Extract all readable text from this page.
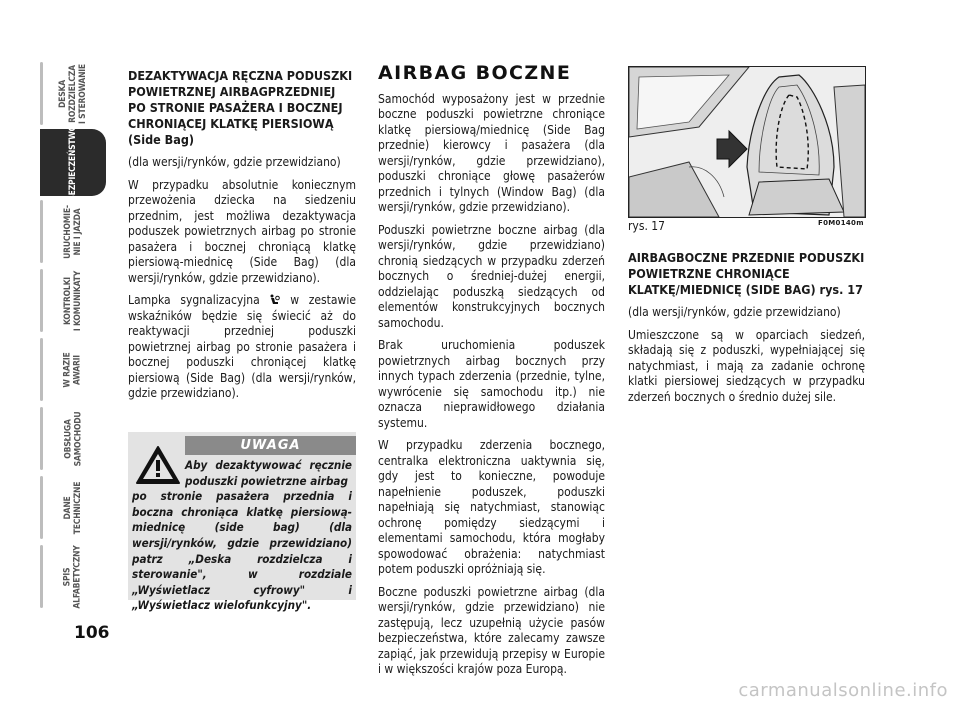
DESKA
ROZDZIELCZA
I STEROWANIE
BEZPIECZEŃSTWO
URUCHOMIE-
NIE I JAZDA
KONTROLKI
I KOMUNIKATY
W RAZIE
AWARII
OBSŁUGA
SAMOCHODU
DANE
TECHNICZNE
SPIS
ALFABETYCZNY
106

DEZAKTYWACJA RĘCZNA PODUSZKI POWIETRZNEJ AIRBAGPRZEDNIEJ PO STRONIE PASAŻERA I BOCZNEJ CHRONIĄCEJ KLATKĘ PIERSIOWĄ (Side Bag)

(dla wersji/rynków, gdzie przewidziano)

W przypadku absolutnie koniecznym przewożenia dziecka na siedzeniu przednim, jest możliwa dezaktywacja poduszek powietrznych airbag po stronie pasażera i bocznej chroniącą klatkę piersiową-miednicę (Side Bag) (dla wersji/rynków, gdzie przewidziano).

Lampka sygnalizacyjna  w zestawie wskaźników będzie się świecić aż do reaktywacji przedniej poduszki powietrznej airbag po stronie pasażera i bocznej poduszki chroniącej klatkę piersiową (Side Bag) (dla wersji/rynków, gdzie przewidziano).

UWAGA
Aby dezaktywować ręcznie poduszki powietrzne airbag
po stronie pasażera przednia i boczna chroniąca klatkę piersiową-miednicę (side bag) (dla wersji/rynków, gdzie przewidziano) patrz „Deska rozdzielcza i sterowanie", w rozdziale „Wyświetlacz cyfrowy" i „Wyświetlacz wielofunkcyjny".
AIRBAG BOCZNE

Samochód wyposażony jest w przednie boczne poduszki powietrzne chroniące klatkę piersiową/miednicę (Side Bag przednie) kierowcy i pasażera (dla wersji/rynków, gdzie przewidziano), poduszki chroniące głowę pasażerów przednich i tylnych (Window Bag) (dla wersji/rynków, gdzie przewidziano).

Poduszki powietrzne boczne airbag (dla wersji/rynków, gdzie przewidziano) chronią siedzących w przypadku zderzeń bocznych o średniej-dużej energii, oddzielając poduszką siedzących od elementów konstrukcyjnych bocznych samochodu.

Brak uruchomienia poduszek powietrznych airbag bocznych przy innych typach zderzenia (przednie, tylne, wywrócenie się samochodu itp.) nie oznacza nieprawidłowego działania systemu.

W przypadku zderzenia bocznego, centralka elektroniczna uaktywnia się, gdy jest to konieczne, powoduje napełnienie poduszek, poduszki napełniają się natychmiast, stanowiąc ochronę pomiędzy siedzącymi i elementami samochodu, która mogłaby spowodować obrażenia: natychmiast potem poduszki opróżniają się.

Boczne poduszki powietrzne airbag (dla wersji/rynków, gdzie przewidziano) nie zastępują, lecz uzupełnią użycie pasów bezpieczeństwa, które zalecamy zawsze zapiąć, jak przewidują przepisy w Europie i w większości krajów poza Europą.

rys. 17	F0M0140m

AIRBAGBOCZNE PRZEDNIE PODUSZKI POWIETRZNE CHRONIĄCE KLATKĘ/MIEDNICĘ (SIDE BAG) rys. 17

(dla wersji/rynków, gdzie przewidziano)

Umieszczone są w oparciach siedzeń, składają się z poduszki, wypełniającej się natychmiast, i mają za zadanie ochronę klatki piersiowej siedzących w przypadku zderzeń bocznych o średnio dużej sile.

carmanualsonline.info
